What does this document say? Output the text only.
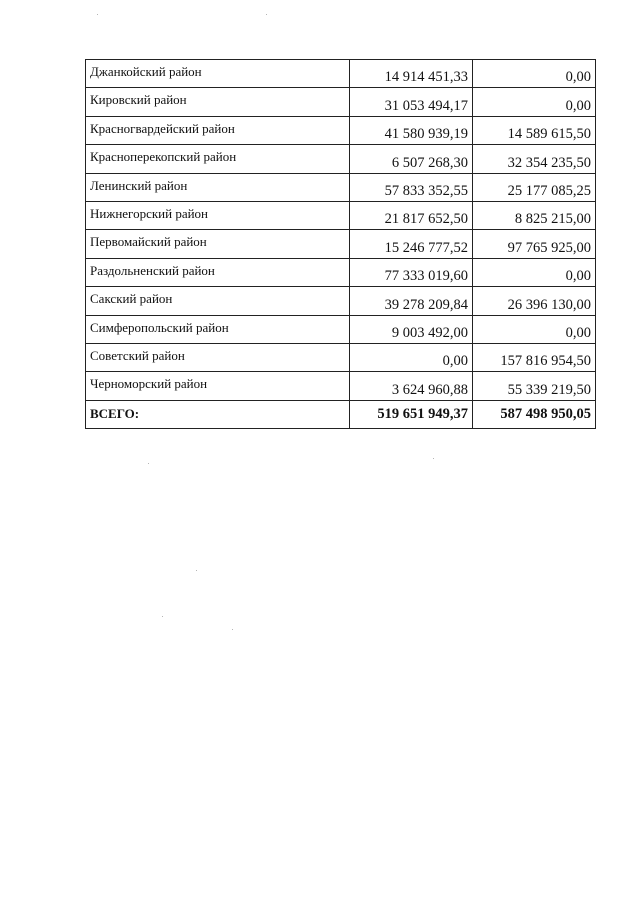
Джанкойский район	14 914 451,33	0,00
Кировский район	31 053 494,17	0,00
Красногвардейский район	41 580 939,19	14 589 615,50
Красноперекопский район	6 507 268,30	32 354 235,50
Ленинский район	57 833 352,55	25 177 085,25
Нижнегорский район	21 817 652,50	8 825 215,00
Первомайский район	15 246 777,52	97 765 925,00
Раздольненский район	77 333 019,60	0,00
Сакский район	39 278 209,84	26 396 130,00
Симферопольский район	9 003 492,00	0,00
Советский район	0,00	157 816 954,50
Черноморский район	3 624 960,88	55 339 219,50
ВСЕГО:	519 651 949,37	587 498 950,05
